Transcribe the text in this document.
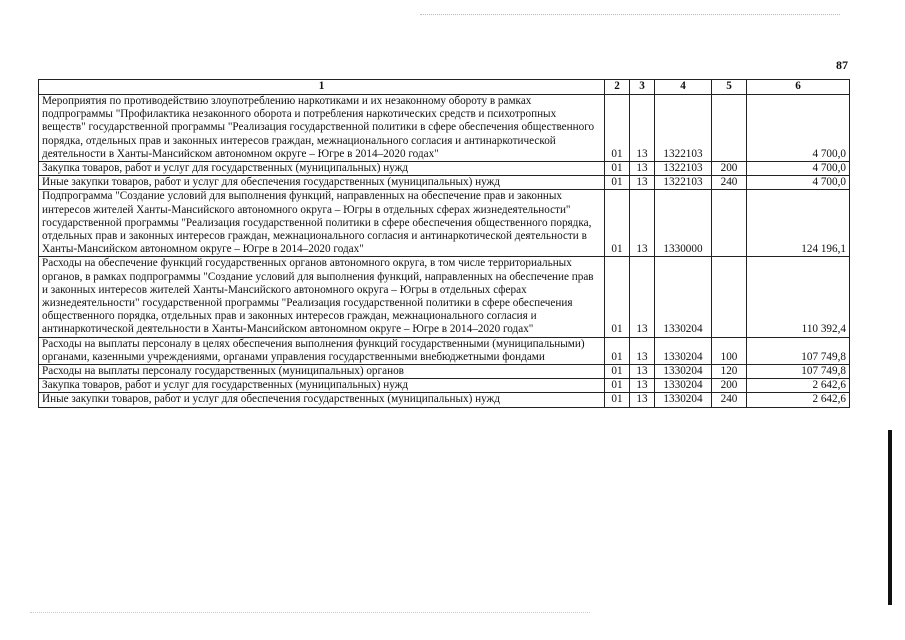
87
1	2	3	4	5	6
Мероприятия по противодействию злоупотреблению наркотиками и их незаконному обороту в рамках подпрограммы "Профилактика незаконного оборота и потребления наркотических средств и психотропных веществ" государственной программы "Реализация государственной политики в сфере обеспечения общественного порядка, отдельных прав и законных интересов граждан, межнационального согласия и антинаркотической деятельности в Ханты-Мансийском автономном округе – Югре в 2014–2020 годах"	01	13	1322103		4 700,0
Закупка товаров, работ и услуг для государственных (муниципальных) нужд	01	13	1322103	200	4 700,0
Иные закупки товаров, работ и услуг для обеспечения государственных (муниципальных) нужд	01	13	1322103	240	4 700,0
Подпрограмма "Создание условий для выполнения функций, направленных на обеспечение прав и законных интересов жителей Ханты-Мансийского автономного округа – Югры в отдельных сферах жизнедеятельности" государственной программы "Реализация государственной политики в сфере обеспечения общественного порядка, отдельных прав и законных интересов граждан, межнационального согласия и антинаркотической деятельности в Ханты-Мансийском автономном округе – Югре в 2014–2020 годах"	01	13	1330000		124 196,1
Расходы на обеспечение функций государственных органов автономного округа, в том числе территориальных органов, в рамках подпрограммы "Создание условий для выполнения функций, направленных на обеспечение прав и законных интересов жителей Ханты-Мансийского автономного округа – Югры в отдельных сферах жизнедеятельности" государственной программы "Реализация государственной политики в сфере обеспечения общественного порядка, отдельных прав и законных интересов граждан, межнационального согласия и антинаркотической деятельности в Ханты-Мансийском автономном округе – Югре в 2014–2020 годах"	01	13	1330204		110 392,4
Расходы на выплаты персоналу в целях обеспечения выполнения функций государственными (муниципальными) органами, казенными учреждениями, органами управления государственными внебюджетными фондами	01	13	1330204	100	107 749,8
Расходы на выплаты персоналу государственных (муниципальных) органов	01	13	1330204	120	107 749,8
Закупка товаров, работ и услуг для государственных (муниципальных) нужд	01	13	1330204	200	2 642,6
Иные закупки товаров, работ и услуг для обеспечения государственных (муниципальных) нужд	01	13	1330204	240	2 642,6
